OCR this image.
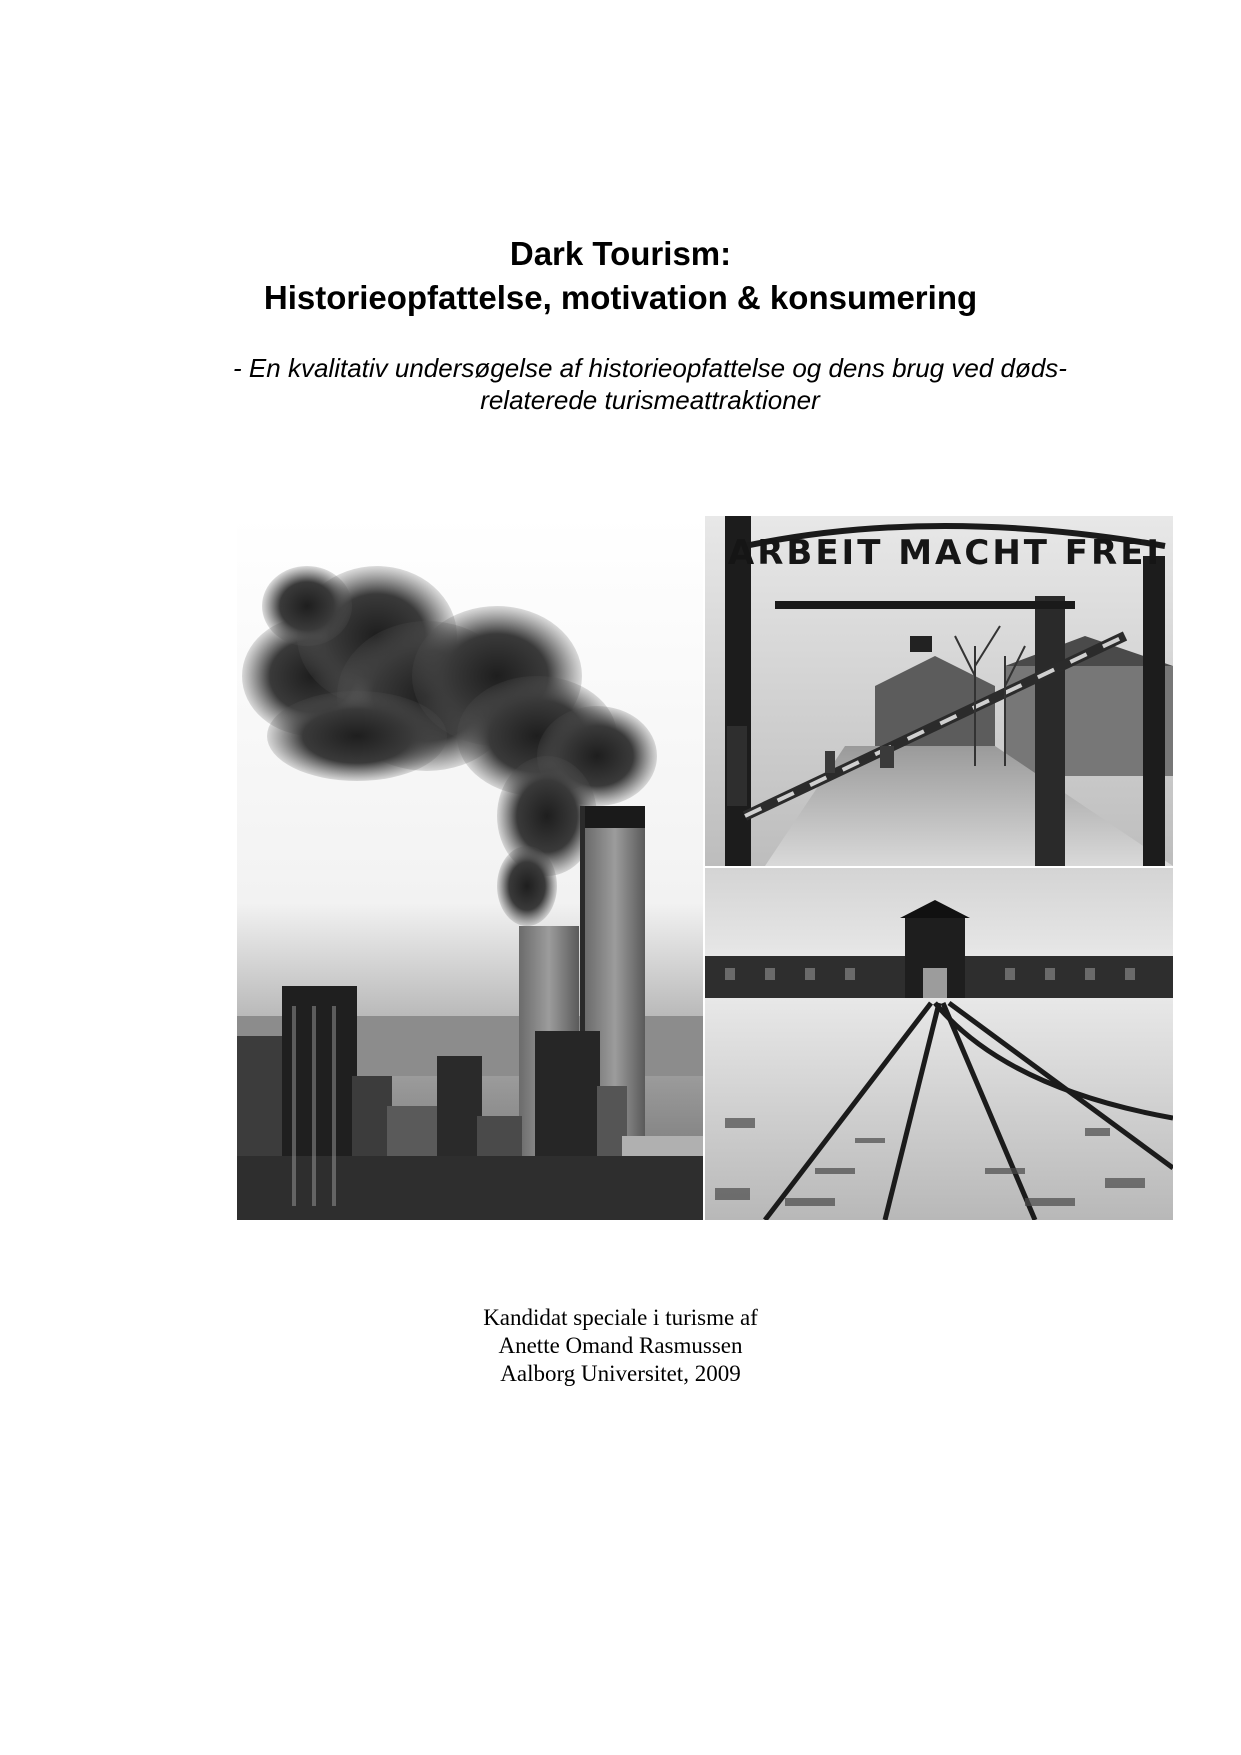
Dark Tourism:
Historieopfattelse, motivation & konsumering
- En kvalitativ undersøgelse af historieopfattelse og dens brug ved døds-
relaterede turismeattraktioner
ARBEIT MACHT FREI
Kandidat speciale i turisme af
Anette Omand Rasmussen
Aalborg Universitet, 2009
